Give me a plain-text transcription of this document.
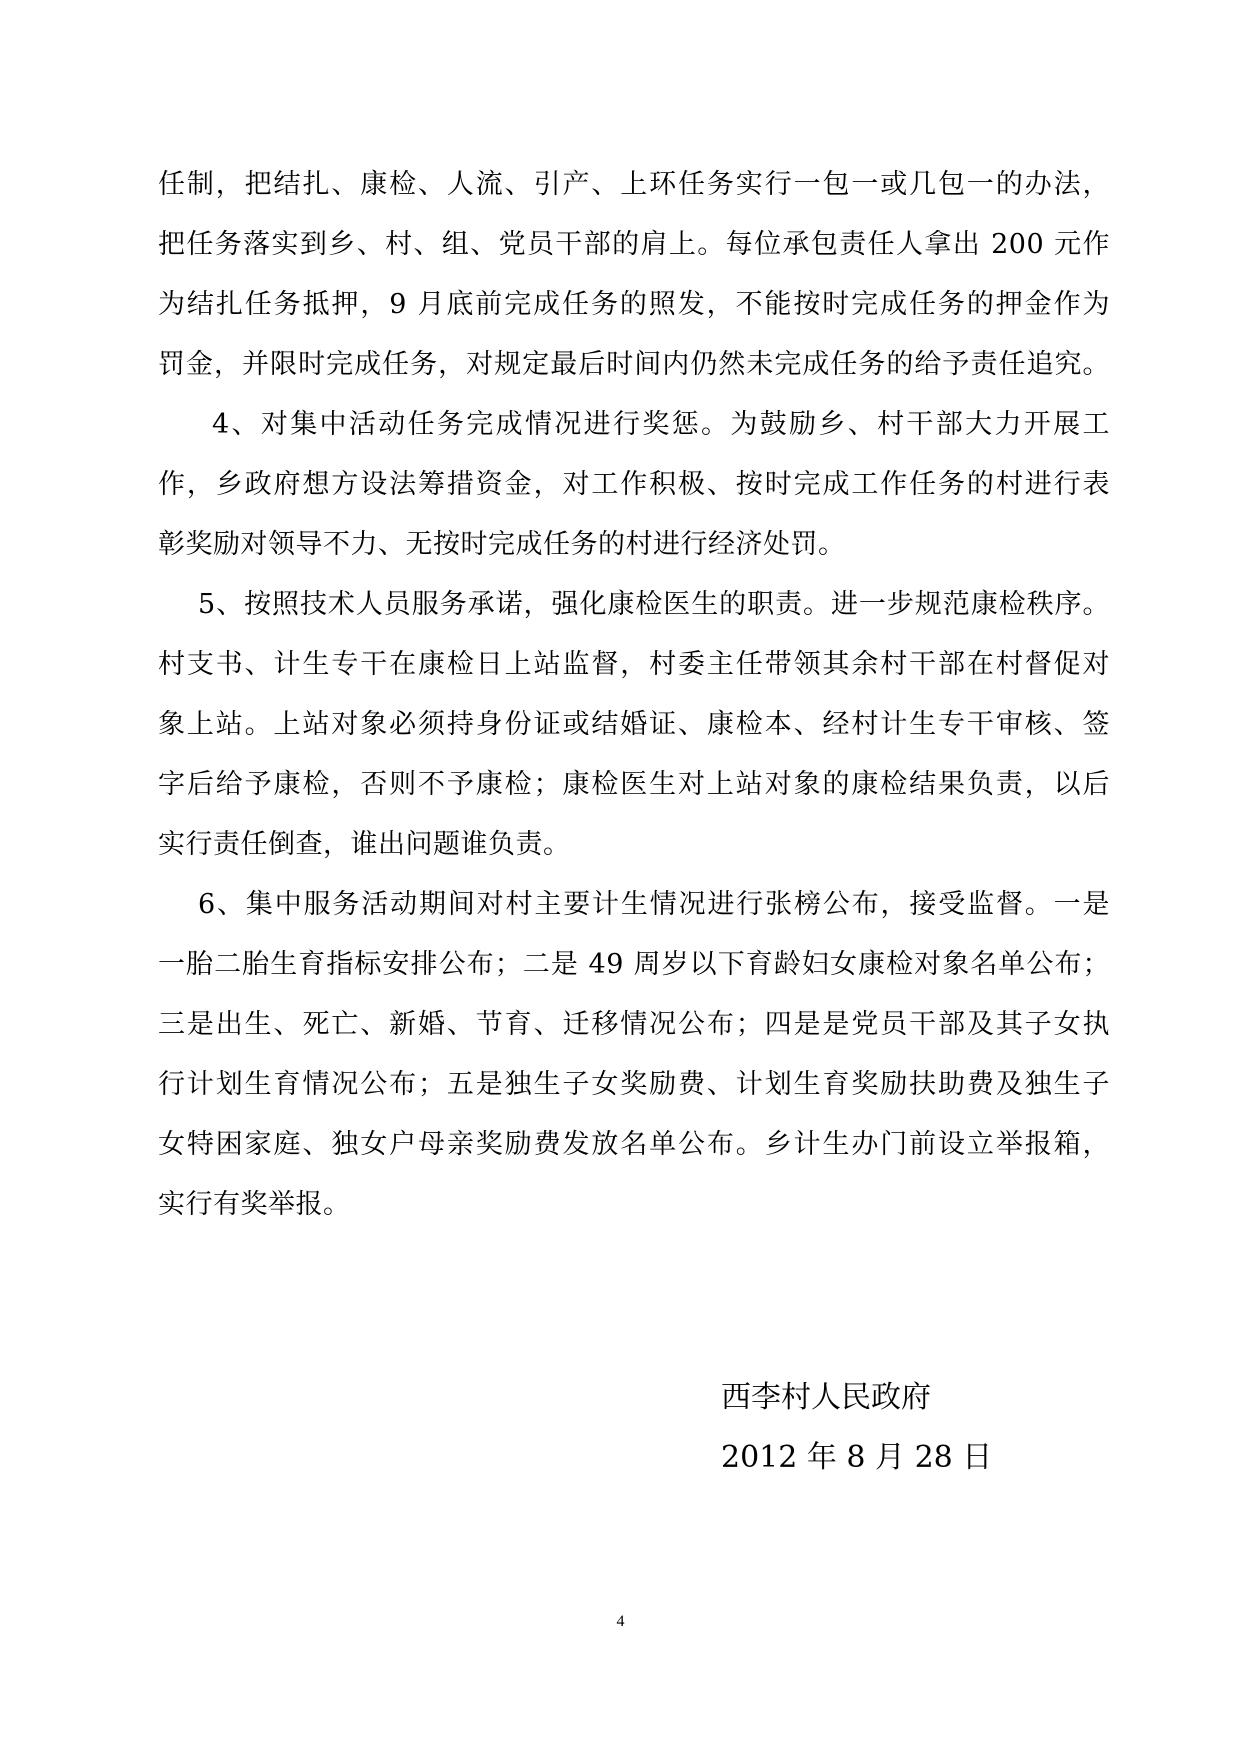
任制，把结扎、康检、人流、引产、上环任务实行一包一或几包一的办法，
把任务落实到乡、村、组、党员干部的肩上。每位承包责任人拿出 200 元作
为结扎任务抵押，9 月底前完成任务的照发，不能按时完成任务的押金作为
罚金，并限时完成任务，对规定最后时间内仍然未完成任务的给予责任追究。
4、对集中活动任务完成情况进行奖惩。为鼓励乡、村干部大力开展工
作，乡政府想方设法筹措资金，对工作积极、按时完成工作任务的村进行表
彰奖励对领导不力、无按时完成任务的村进行经济处罚。
5、按照技术人员服务承诺，强化康检医生的职责。进一步规范康检秩序。
村支书、计生专干在康检日上站监督，村委主任带领其余村干部在村督促对
象上站。上站对象必须持身份证或结婚证、康检本、经村计生专干审核、签
字后给予康检，否则不予康检；康检医生对上站对象的康检结果负责，以后
实行责任倒查，谁出问题谁负责。
6、集中服务活动期间对村主要计生情况进行张榜公布，接受监督。一是
一胎二胎生育指标安排公布；二是 49 周岁以下育龄妇女康检对象名单公布；
三是出生、死亡、新婚、节育、迁移情况公布；四是是党员干部及其子女执
行计划生育情况公布；五是独生子女奖励费、计划生育奖励扶助费及独生子
女特困家庭、独女户母亲奖励费发放名单公布。乡计生办门前设立举报箱，
实行有奖举报。
西李村人民政府
2012 年 8 月 28 日
4
